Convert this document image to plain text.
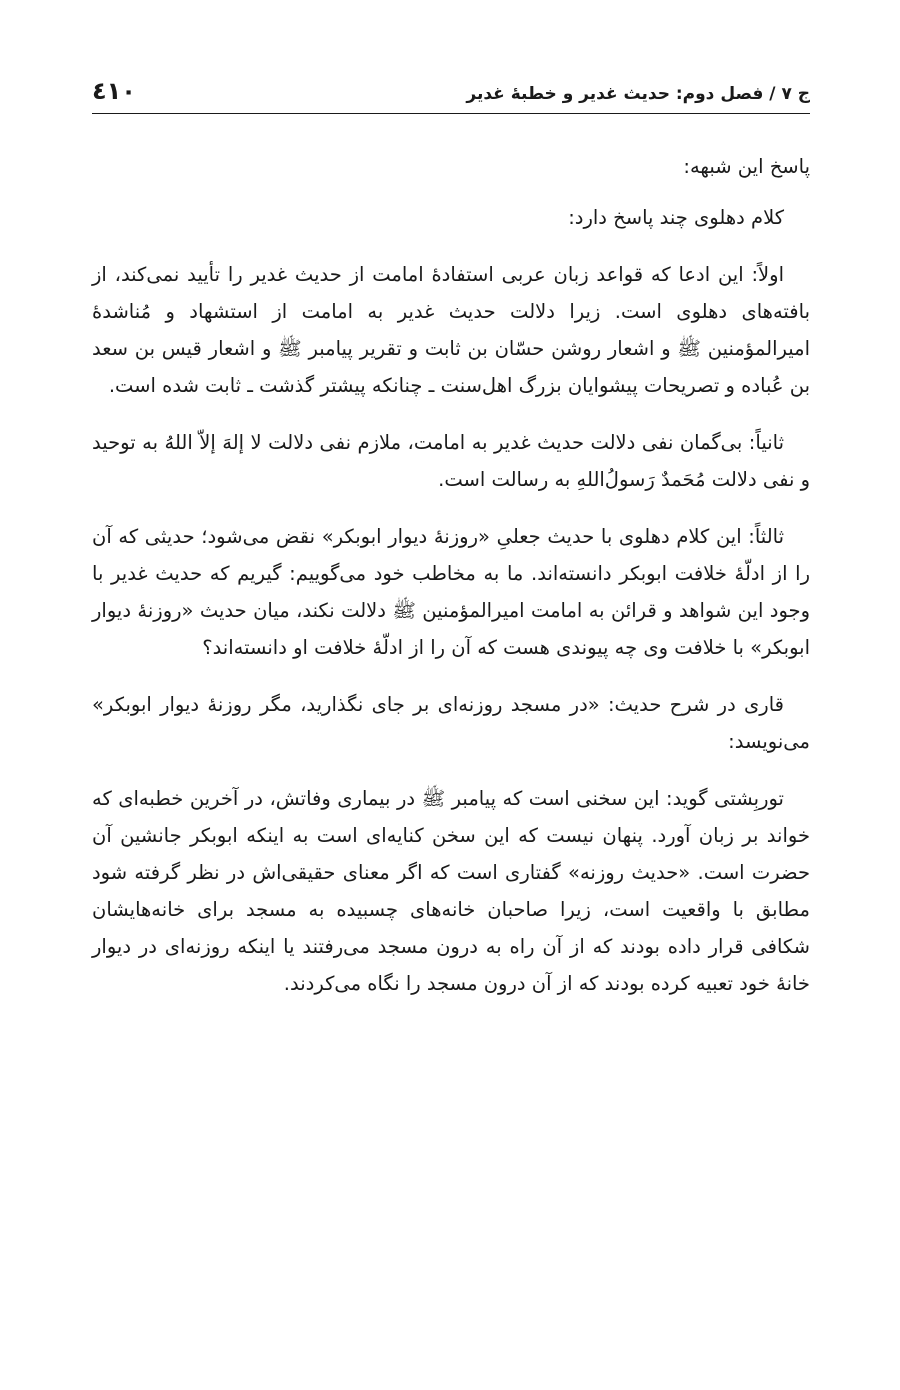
ج ۷ / فصل دوم: حدیث غدیر و خطبهٔ غدیر
٤١٠

پاسخ این شبهه:

کلام دهلوی چند پاسخ دارد:

اولاً: این ادعا که قواعد زبان عربی استفادهٔ امامت از حدیث غدیر را تأیید نمی‌کند، از بافته‌های دهلوی است. زیرا دلالت حدیث غدیر به امامت از استشهاد و مُناشدهٔ امیرالمؤمنین ﷺ و اشعار روشن حسّان بن ثابت و تقریر پیامبر ﷺ و اشعار قیس بن سعد بن عُباده و تصریحات پیشوایان بزرگ اهل‌سنت ـ چنانکه پیشتر گذشت ـ ثابت شده است.

ثانیاً: بی‌گمان نفی دلالت حدیث غدیر به امامت، ملازم نفی دلالت لا إلهَ إلاّ اللهُ به توحید و نفی دلالت مُحَمدٌ رَسولُ‌اللهِ به رسالت است.

ثالثاً: این کلام دهلوی با حدیث جعلیِ «روزنهٔ دیوار ابوبکر» نقض می‌شود؛ حدیثی که آن را از ادلّهٔ خلافت ابوبکر دانسته‌اند. ما به مخاطب خود می‌گوییم: گیریم که حدیث غدیر با وجود این شواهد و قرائن به امامت امیرالمؤمنین ﷺ دلالت نکند، میان حدیث «روزنهٔ دیوار ابوبکر» با خلافت وی چه پیوندی هست که آن را از ادلّهٔ خلافت او دانسته‌اند؟

قاری در شرح حدیث: «در مسجد روزنه‌ای بر جای نگذارید، مگر روزنهٔ دیوار ابوبکر» می‌نویسد:

توربِشتی گوید: این سخنی است که پیامبر ﷺ در بیماری وفاتش، در آخرین خطبه‌ای که خواند بر زبان آورد. پنهان نیست که این سخن کنایه‌ای است به اینکه ابوبکر جانشین آن حضرت است. «حدیث روزنه» گفتاری است که اگر معنای حقیقی‌اش در نظر گرفته شود مطابق با واقعیت است، زیرا صاحبان خانه‌های چسبیده به مسجد برای خانه‌هایشان شکافی قرار داده بودند که از آن راه به درون مسجد می‌رفتند یا اینکه روزنه‌ای در دیوار خانهٔ خود تعبیه کرده بودند که از آن درون مسجد را نگاه می‌کردند.
